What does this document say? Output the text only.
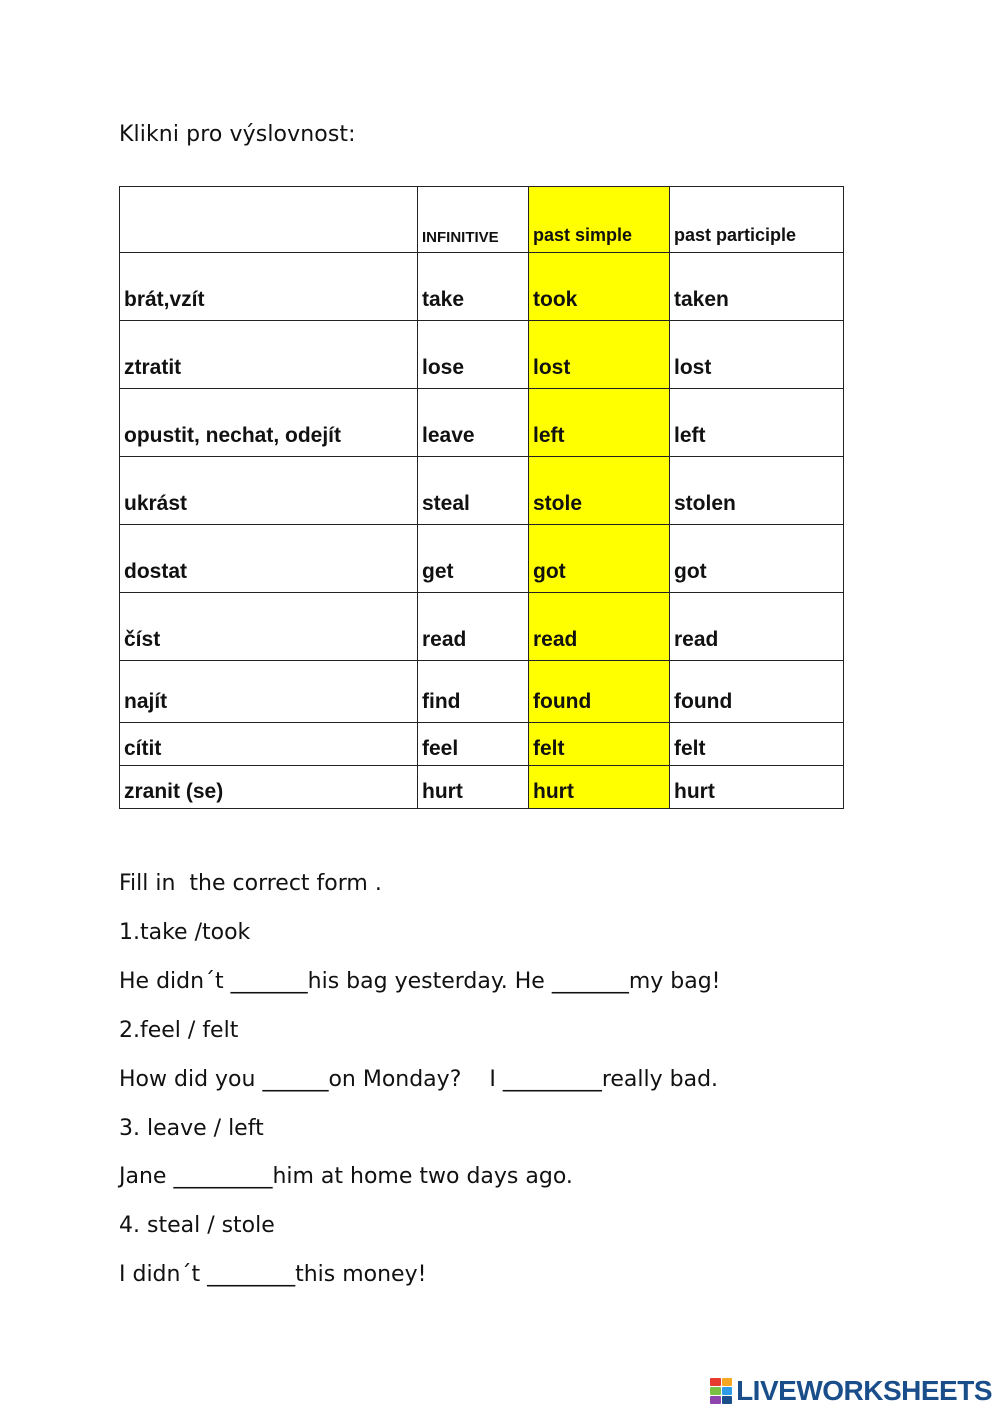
Klikni pro výslovnost:
	INFINITIVE	past simple	past participle
brát,vzít	take	took	taken
ztratit	lose	lost	lost
opustit, nechat, odejít	leave	left	left
ukrást	steal	stole	stolen
dostat	get	got	got
číst	read	read	read
najít	find	found	found
cítit	feel	felt	felt
zranit (se)	hurt	hurt	hurt
Fill in  the correct form .
1.take /took
He didn´t _______his bag yesterday. He _______my bag!
2.feel / felt
How did you ______on Monday?    I _________really bad.
3. leave / left
Jane _________him at home two days ago.
4. steal / stole
I didn´t ________this money!
LIVEWORKSHEETS
